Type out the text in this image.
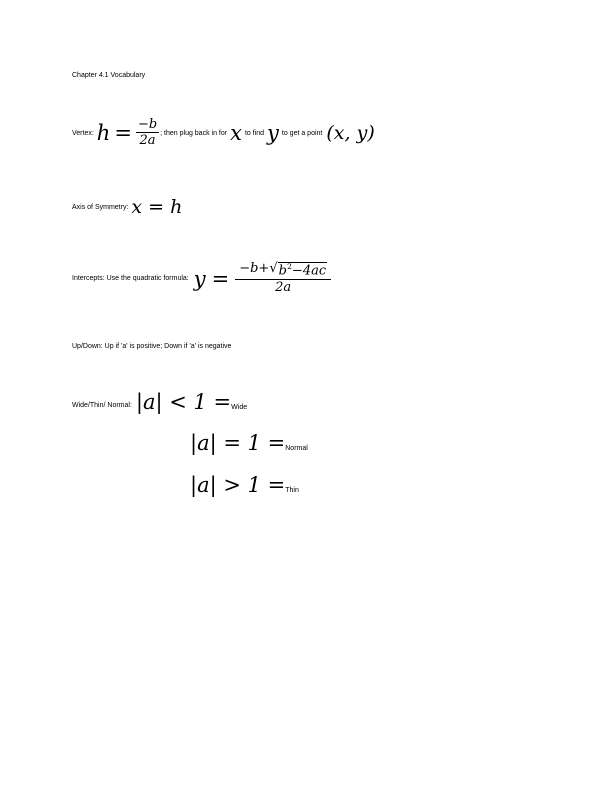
Chapter 4.1 Vocabulary
Vertex: $h = \frac{-b}{2a}$ ; then plug back in for x to find y to get a point (x, y)
Axis of Symmetry: x = h
Intercepts: Use the quadratic formula: $y = \frac{-b+ √ b^2-4ac}{2a}$
Up/Down: Up if 'a' is positive; Down if 'a' is negative
Wide/Thin/ Normal: |a| < 1 = Wide
|a| = 1 = Normal
|a| > 1 = Thin
